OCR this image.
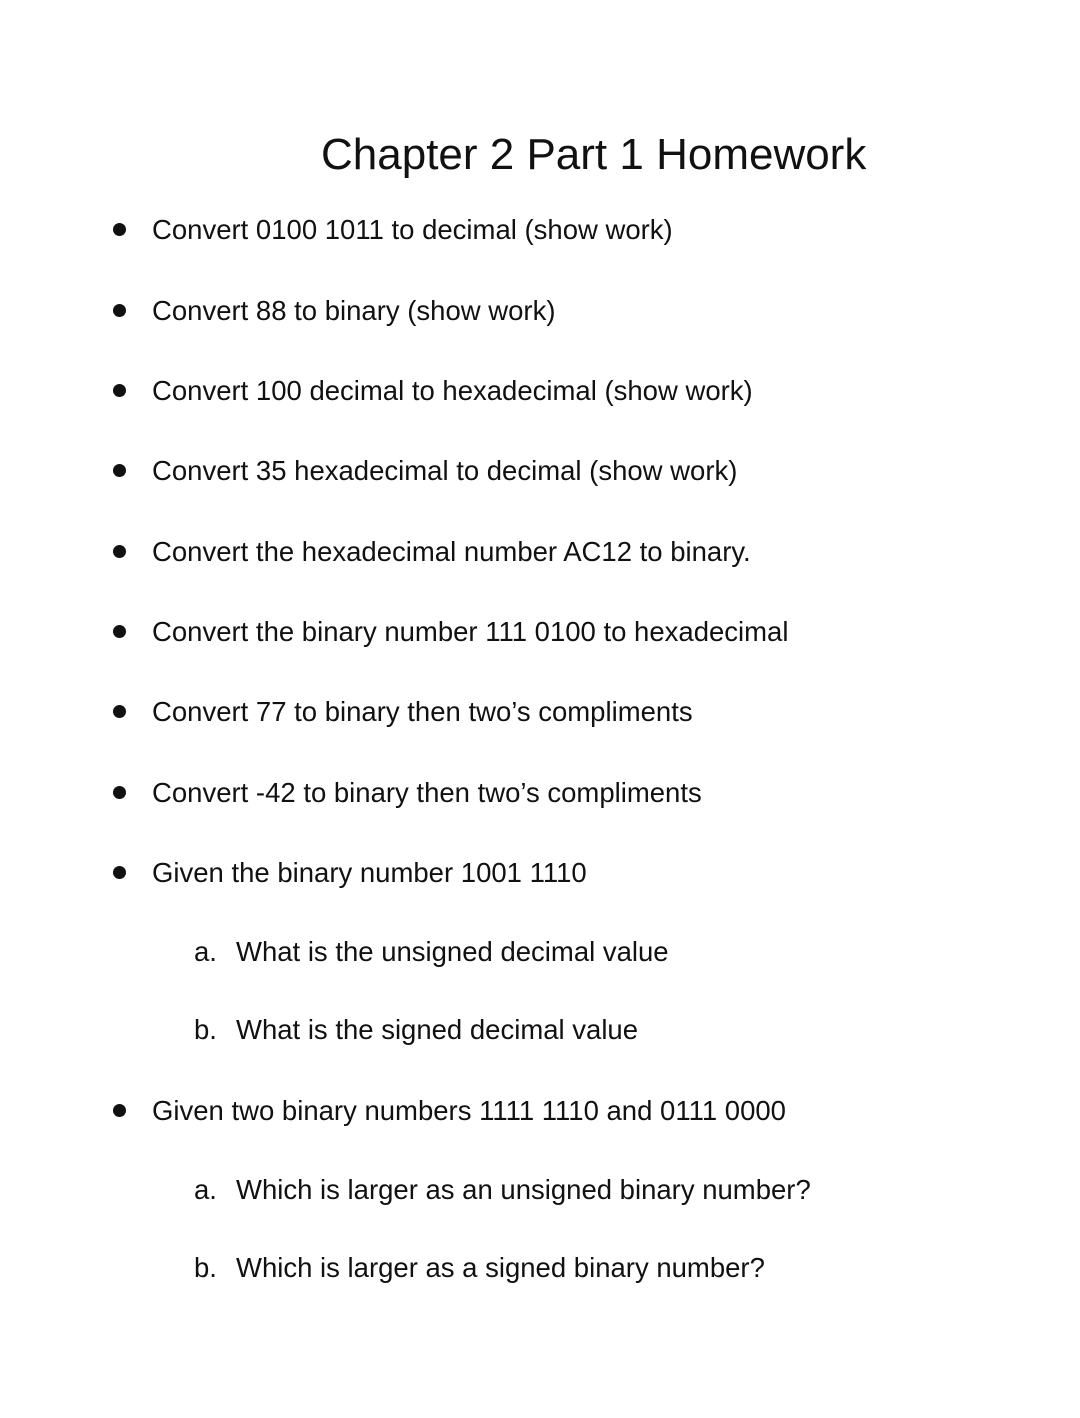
Chapter 2 Part 1 Homework
Convert 0100 1011 to decimal (show work)
Convert 88 to binary (show work)
Convert 100 decimal to hexadecimal (show work)
Convert 35 hexadecimal to decimal (show work)
Convert the hexadecimal number AC12 to binary.
Convert the binary number 111 0100 to hexadecimal
Convert 77 to binary then two’s compliments
Convert -42 to binary then two’s compliments
Given the binary number 1001 1110
a. What is the unsigned decimal value
b. What is the signed decimal value
Given two binary numbers 1111 1110 and 0111 0000
a. Which is larger as an unsigned binary number?
b. Which is larger as a signed binary number?
